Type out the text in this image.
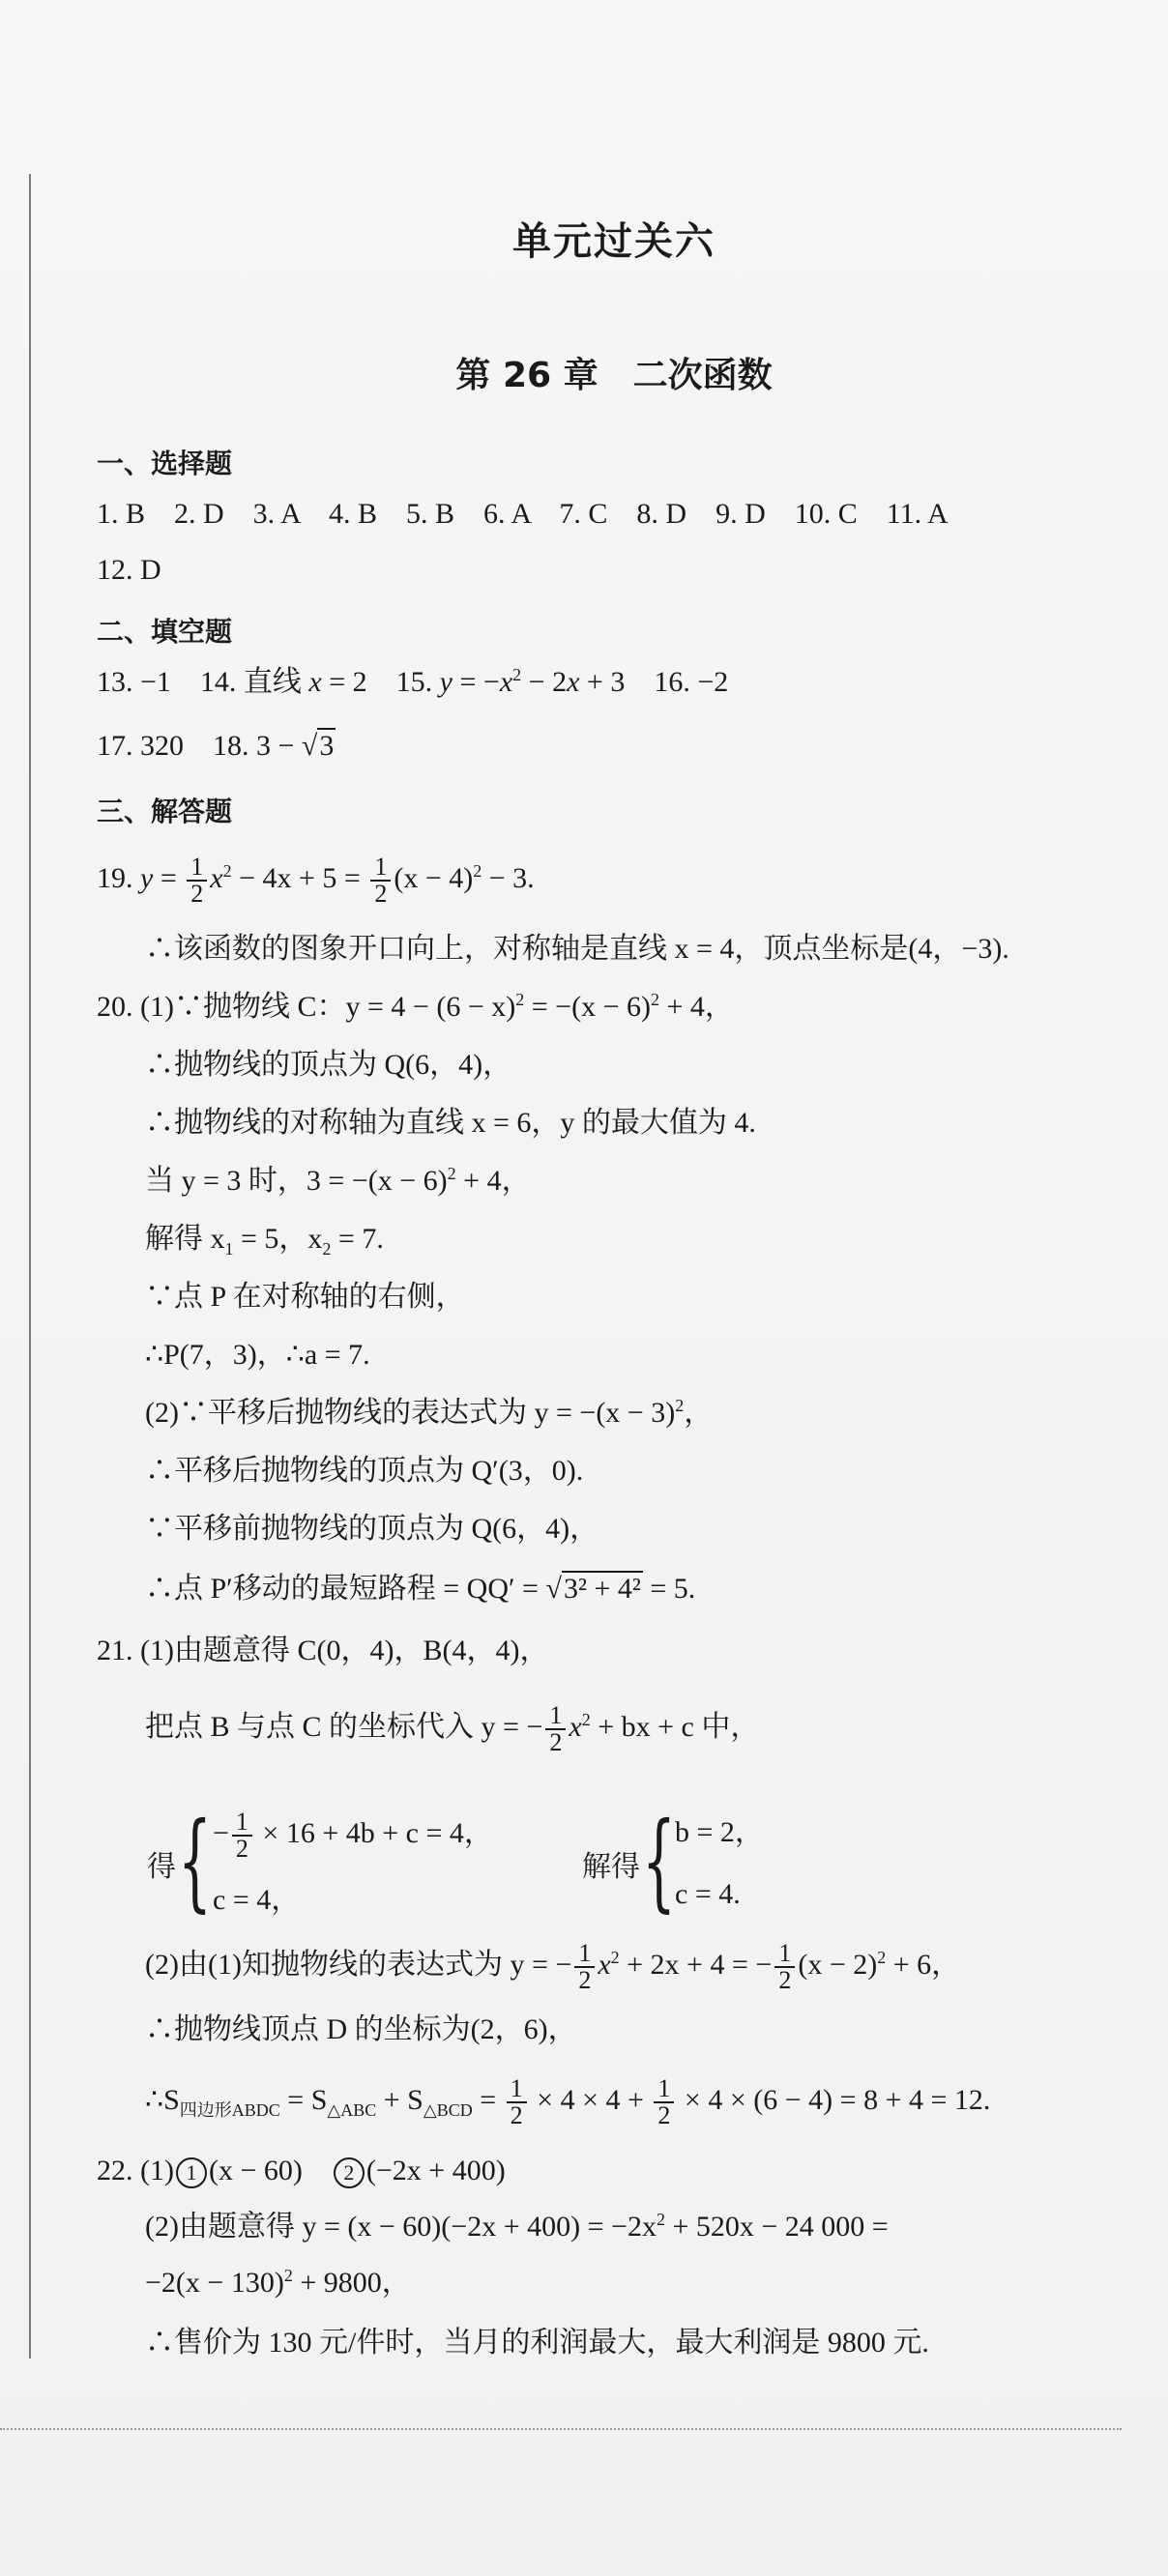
单元过关六
第 26 章　二次函数
一、选择题
1. B　2. D　3. A　4. B　5. B　6. A　7. C　8. D　9. D　10. C　11. A
12. D
二、填空题
13. −1　14. 直线 x = 2　15. $y = -x^2 - 2x + 3$　16. −2
17. 320　18. 3 − √3
三、解答题
19. $y = \frac{1}{2} x^2 - 4x + 5 = \frac{1}{2} (x - 4)^2 - 3$.
∴该函数的图象开口向上，对称轴是直线 x = 4，顶点坐标是(4，−3).
20. (1)∵抛物线 C：$y = 4 - (6 - x)^2 = -(x - 6)^2 + 4$，
∴抛物线的顶点为 Q(6，4)，
∴抛物线的对称轴为直线 x = 6，y 的最大值为 4.
当 y = 3 时，$3 = -(x - 6)^2 + 4$，
解得 $x_1 = 5$，$x_2 = 7$.
∵点 P 在对称轴的右侧，
∴P(7，3)，∴a = 7.
(2)∵平移后抛物线的表达式为 $y = -(x - 3)^2$，
∴平移后抛物线的顶点为 Q′(3，0).
∵平移前抛物线的顶点为 Q(6，4)，
∴点 P′移动的最短路程 = QQ′ = √3² + 4² = 5.
21. (1)由题意得 C(0，4)，B(4，4)，
把点 B 与点 C 的坐标代入 y = − $\frac{1}{2} x^2$ + bx + c 中，
得 { − $\frac{1}{2} \times 16 + 4b + c = 4$，
c = 4，
解得 { b = 2，
c = 4.
(2)由(1)知抛物线的表达式为 y = − $\frac{1}{2} x^2 + 2x + 4$ = − $\frac{1}{2} (x - 2)^2 + 6$，
∴抛物线顶点 D 的坐标为(2，6)，
$\therefore S_{四边形ABDC} = S_{\triangle ABC} + S_{\triangle BCD} = \frac{1}{2} \times 4 \times 4 + \frac{1}{2} \times 4 \times (6 - 4) = 8 + 4 = 12$.
22. (1) 1 (x − 60)　2 (−2x + 400)
(2)由题意得 $y = (x - 60)(-2x + 400) = -2x^2 + 520x - 24$ 000 =
$-2(x - 130)^2 + 9800$，
∴售价为 130 元/件时，当月的利润最大，最大利润是 9800 元.
